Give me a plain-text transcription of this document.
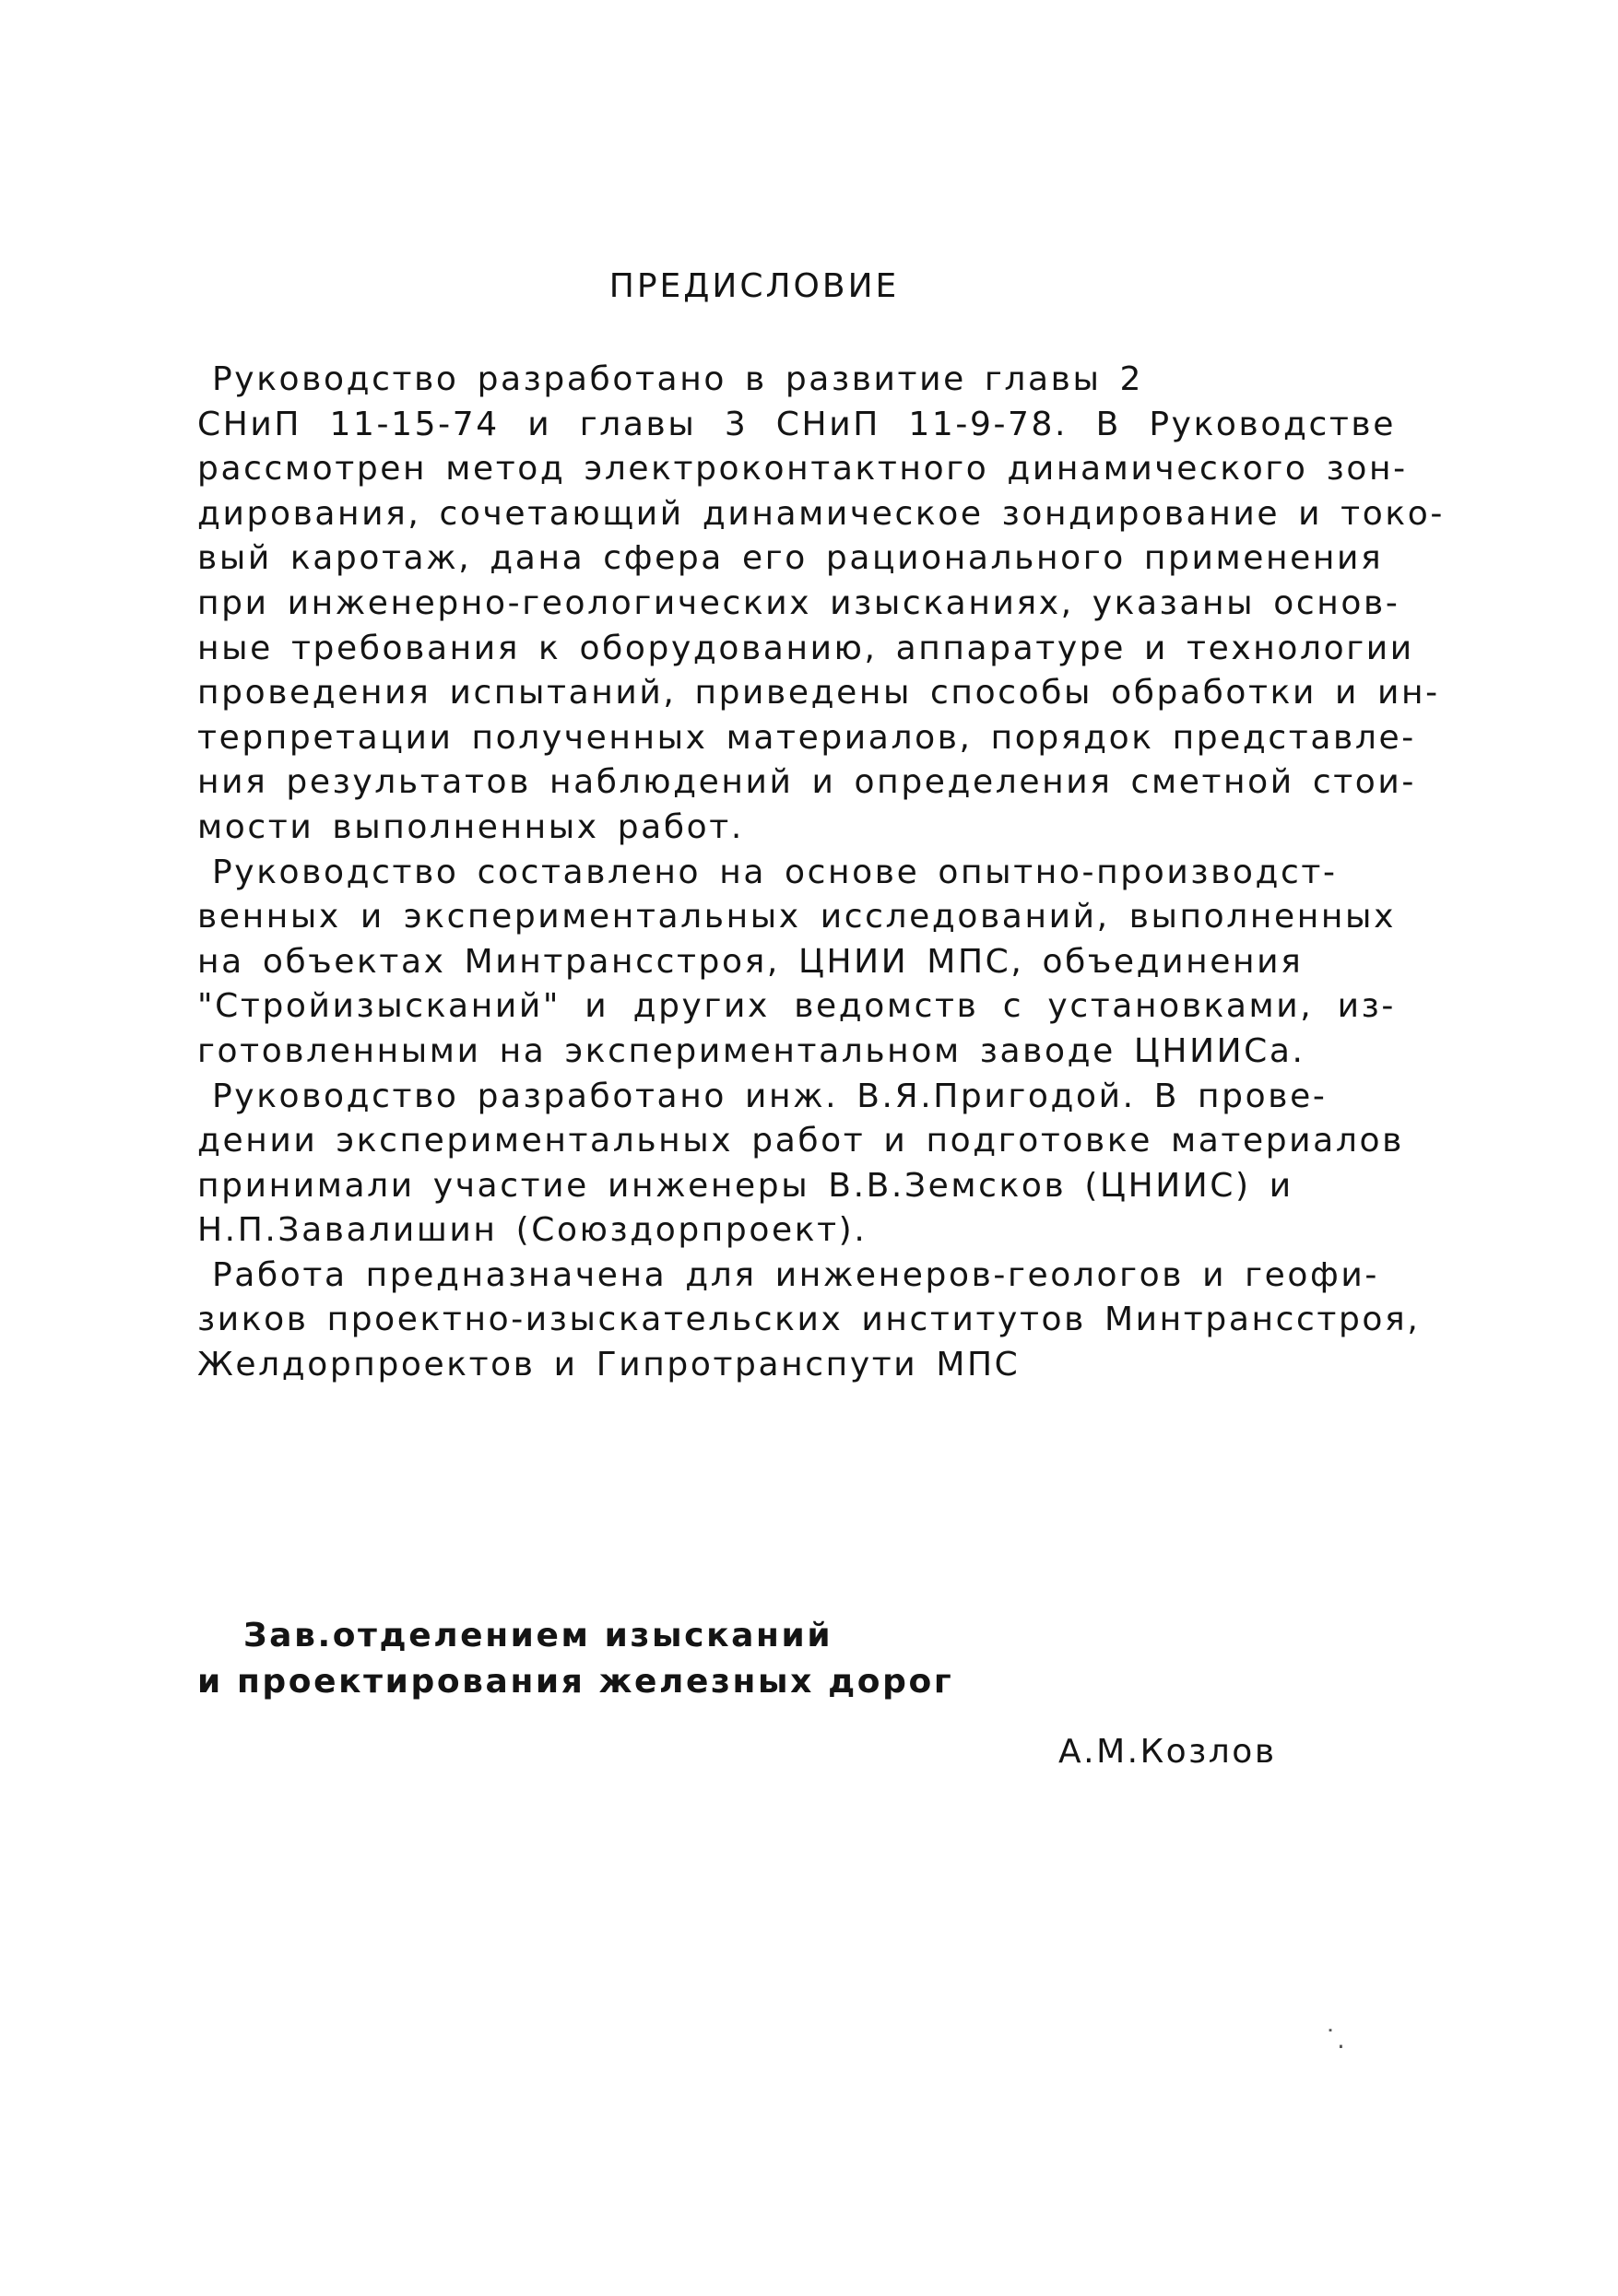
ПРЕДИСЛОВИЕ
Руководство разработано в развитие главы 2
СНиП 11-15-74 и главы 3 СНиП 11-9-78. В Руководстве
рассмотрен метод электроконтактного динамического зон-
дирования, сочетающий динамическое зондирование и токо-
вый каротаж, дана сфера его рационального применения
при инженерно-геологических изысканиях, указаны основ-
ные требования к оборудованию, аппаратуре и технологии
проведения испытаний, приведены способы обработки и ин-
терпретации полученных материалов, порядок представле-
ния результатов наблюдений и определения сметной стои-
мости выполненных работ.
Руководство составлено на основе опытно-производст-
венных и экспериментальных исследований, выполненных
на объектах Минтрансстроя, ЦНИИ МПС, объединения
"Стройизысканий" и других ведомств с установками, из-
готовленными на экспериментальном заводе ЦНИИСа.
Руководство разработано инж. В.Я.Пригодой. В прове-
дении экспериментальных работ и подготовке материалов
принимали участие инженеры В.В.Земсков (ЦНИИС) и
Н.П.Завалишин (Союздорпроект).
Работа предназначена для инженеров-геологов и геофи-
зиков проектно-изыскательских институтов Минтрансстроя,
Желдорпроектов и Гипротранспути МПС
Зав.отделением изысканий
и проектирования железных дорог
А.М.Козлов
˙.
